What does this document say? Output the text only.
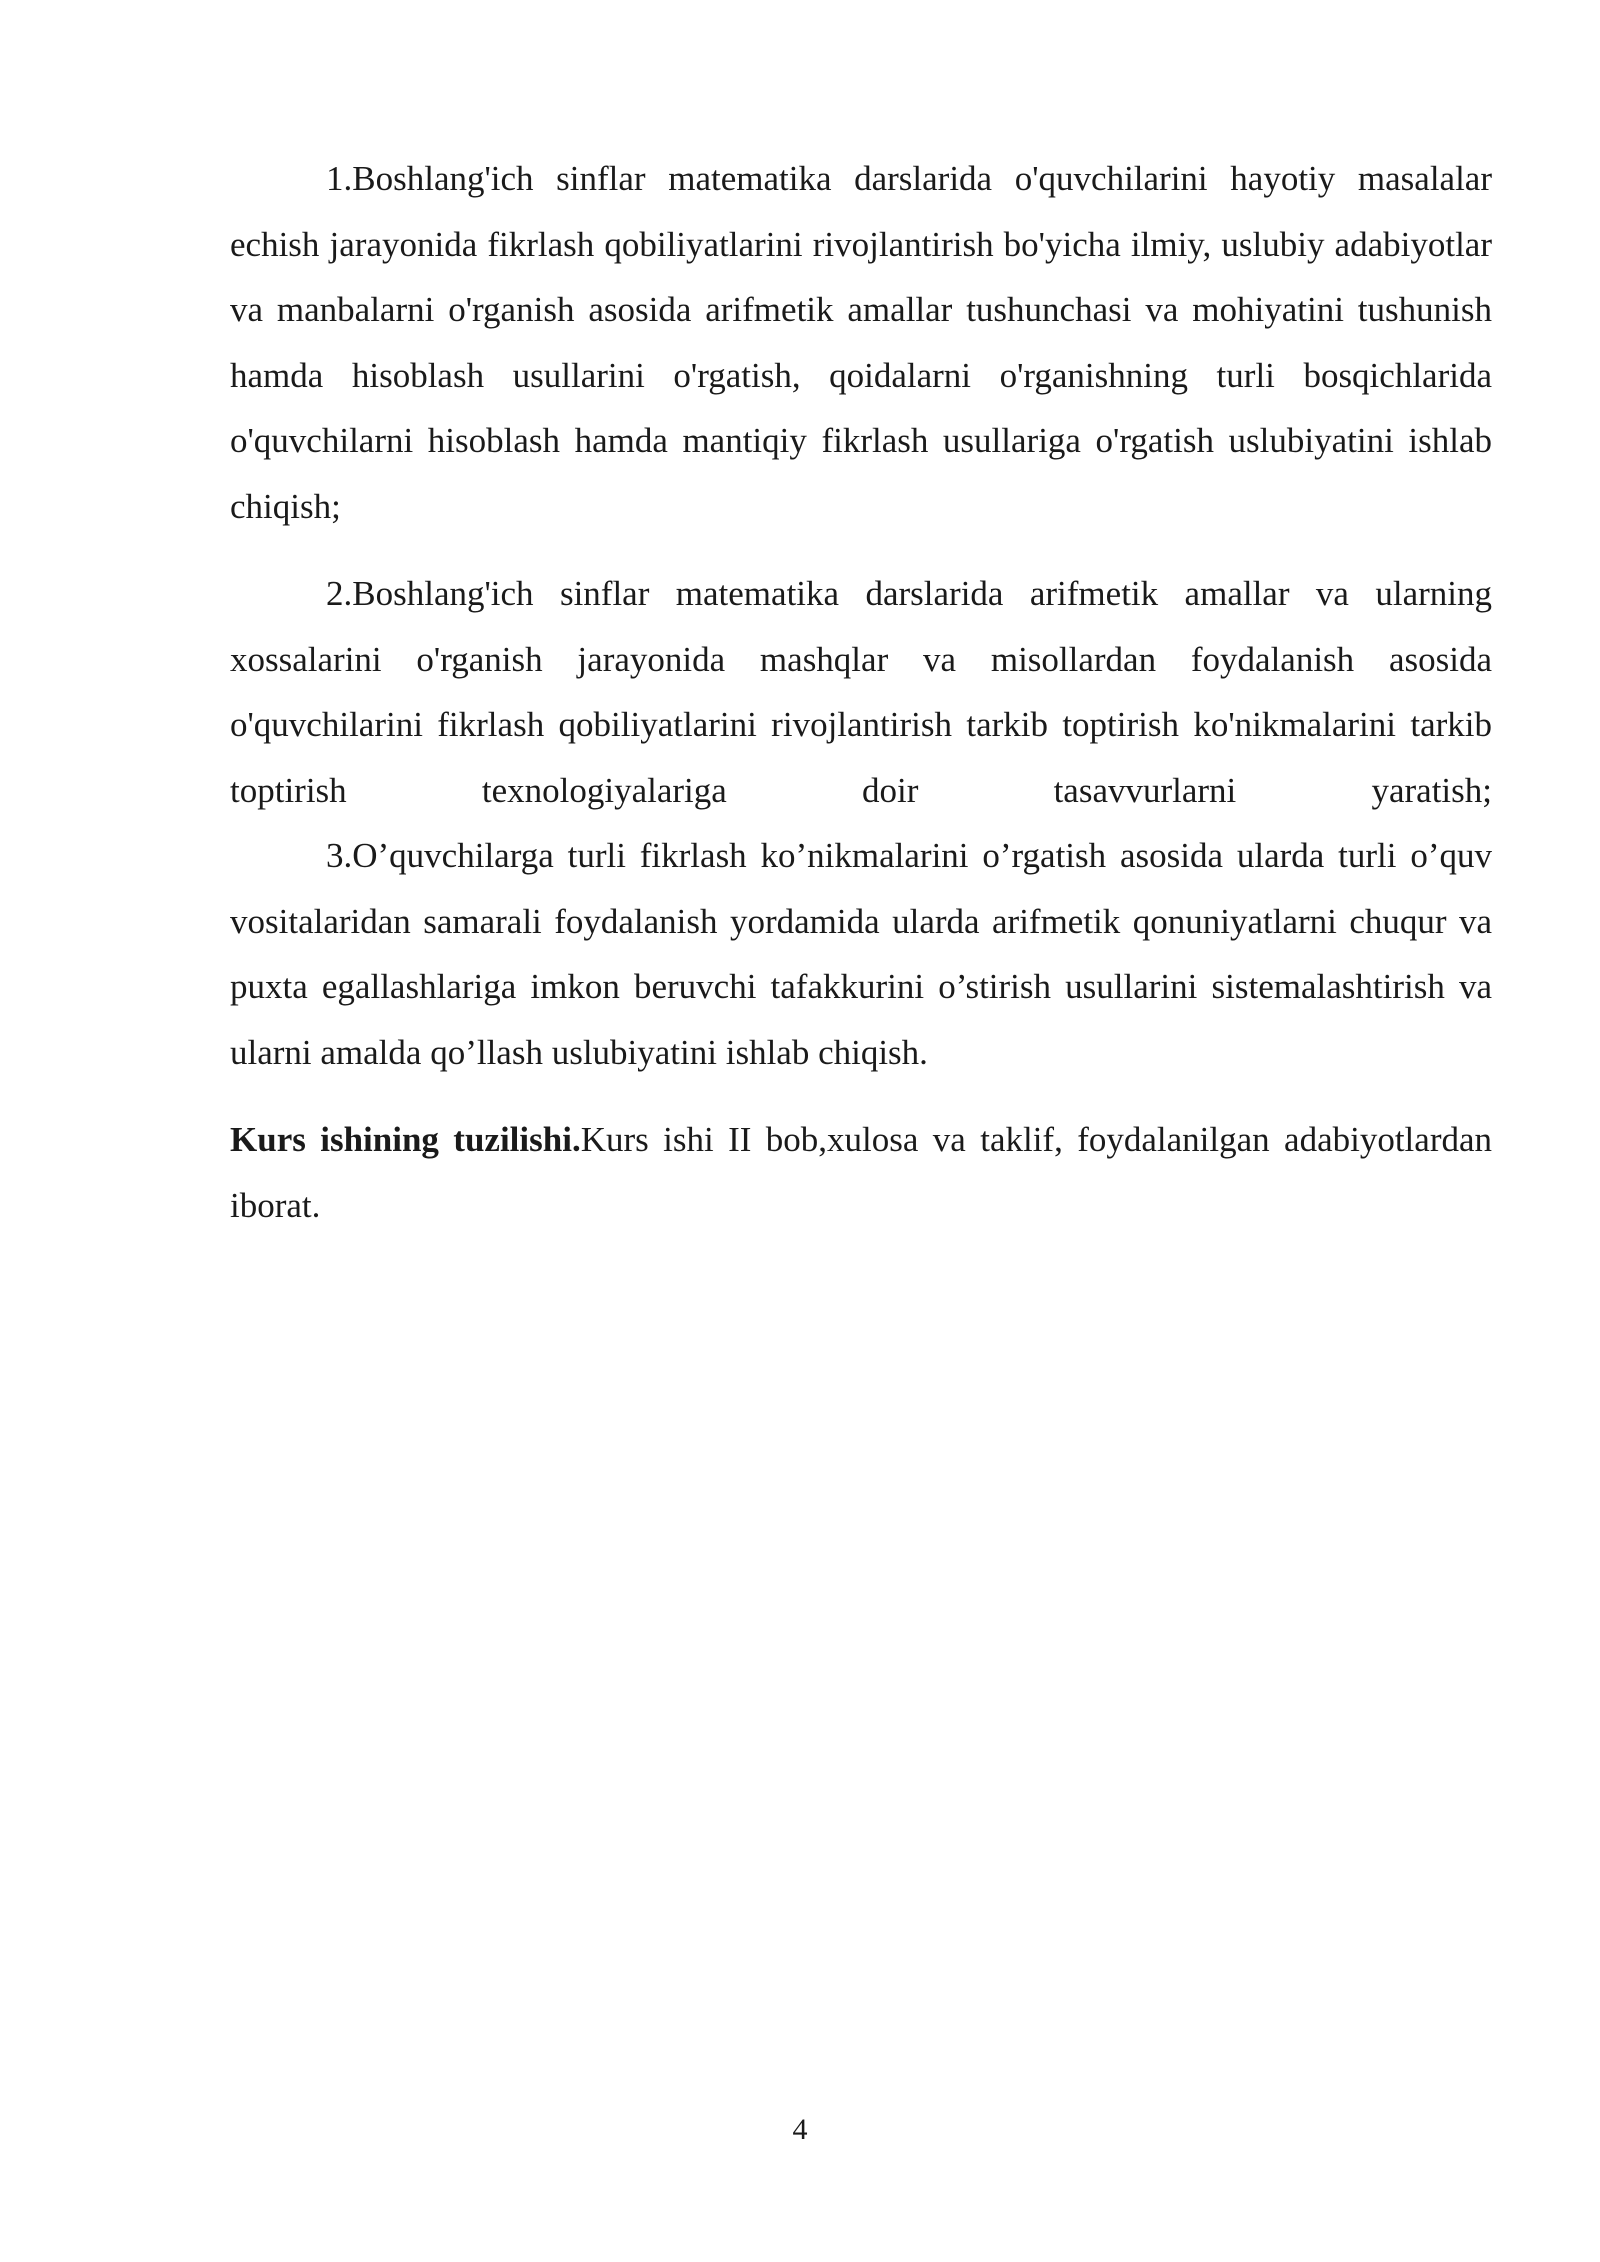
1.Boshlang'ich sinflar matematika darslarida o'quvchilarini hayotiy masalalar echish jarayonida fikrlash qobiliyatlarini rivojlantirish bo'yicha ilmiy, uslubiy adabiyotlar va manbalarni o'rganish asosida arifmetik amallar tushunchasi va mohiyatini tushunish hamda hisoblash usullarini o'rgatish, qoidalarni o'rganishning turli bosqichlarida o'quvchilarni hisoblash hamda mantiqiy fikrlash usullariga o'rgatish uslubiyatini ishlab chiqish;

2.Boshlang'ich sinflar matematika darslarida arifmetik amallar va ularning xossalarini o'rganish jarayonida mashqlar va misollardan foydalanish asosida o'quvchilarini fikrlash qobiliyatlarini rivojlantirish tarkib toptirish ko'nikmalarini tarkib toptirish texnologiyalariga doir tasavvurlarni yaratish;

3.O’quvchilarga turli fikrlash ko’nikmalarini o’rgatish asosida ularda turli o’quv vositalaridan samarali foydalanish yordamida ularda arifmetik qonuniyatlarni chuqur va puxta egallashlariga imkon beruvchi tafakkurini o’stirish usullarini sistemalashtirish va ularni amalda qo’llash uslubiyatini ishlab chiqish.

Kurs ishining tuzilishi.Kurs ishi II bob,xulosa va taklif, foydalanilgan adabiyotlardan iborat.

4
